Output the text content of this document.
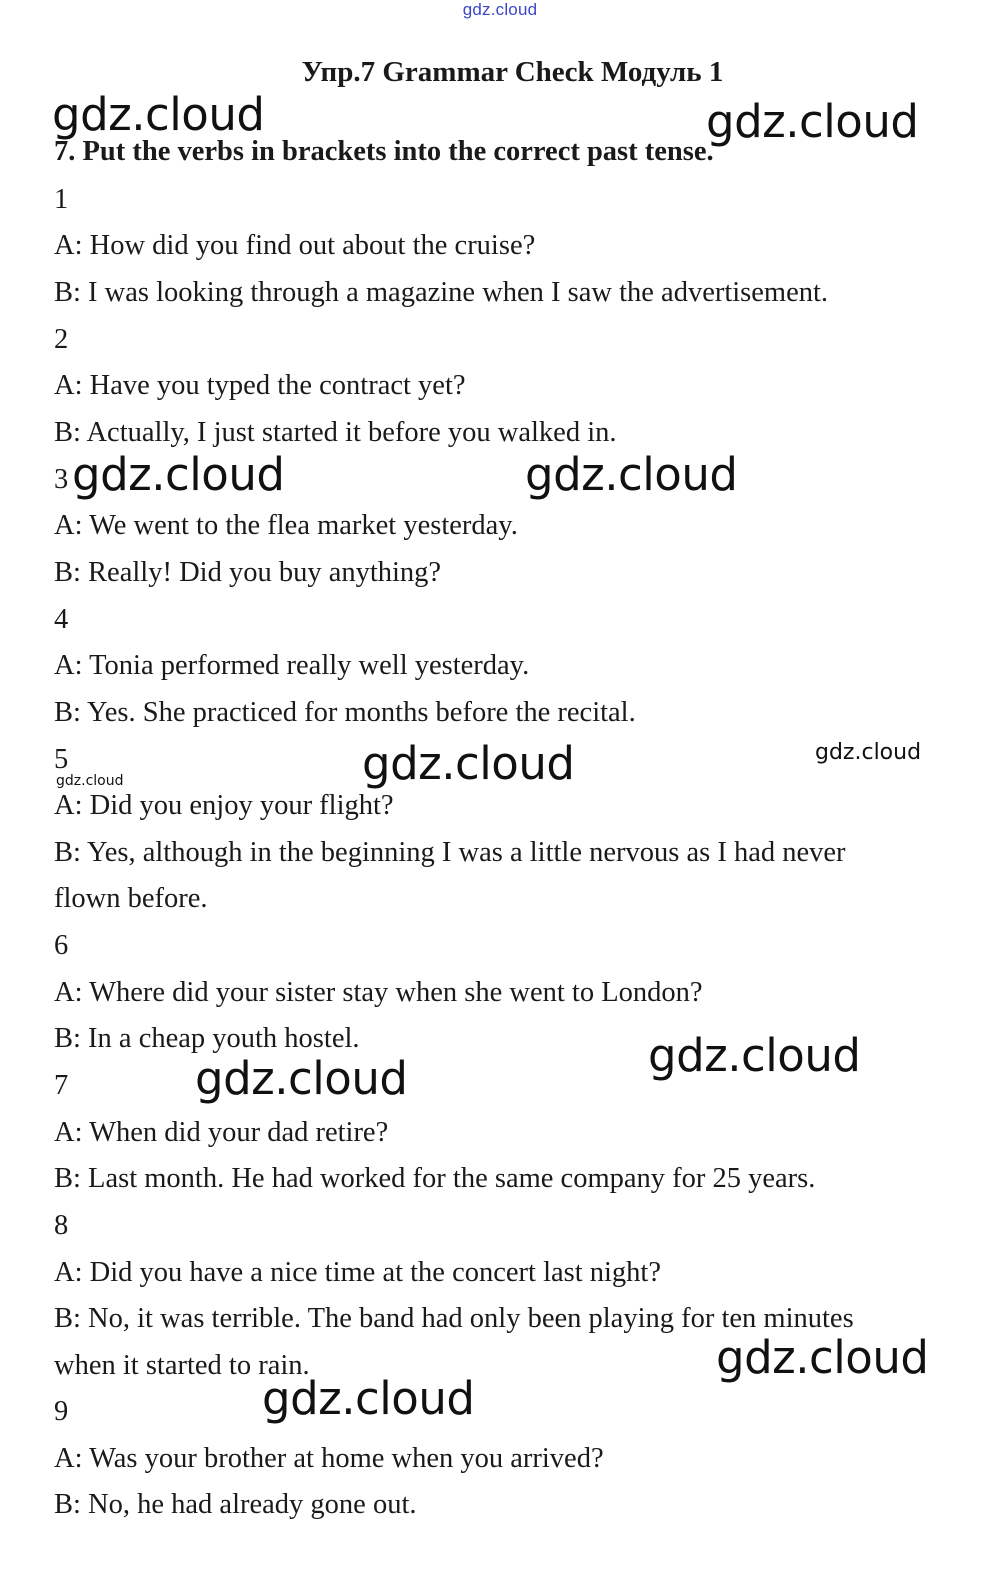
gdz.cloud
Упр.7 Grammar Check Модуль 1
7. Put the verbs in brackets into the correct past tense.
1
A: How did you find out about the cruise?
B: I was looking through a magazine when I saw the advertisement.
2
A: Have you typed the contract yet?
B: Actually, I just started it before you walked in.
3
A: We went to the flea market yesterday.
B: Really! Did you buy anything?
4
A: Tonia performed really well yesterday.
B: Yes. She practiced for months before the recital.
5
A: Did you enjoy your flight?
B: Yes, although in the beginning I was a little nervous as I had never
flown before.
6
A: Where did your sister stay when she went to London?
B: In a cheap youth hostel.
7
A: When did your dad retire?
B: Last month. He had worked for the same company for 25 years.
8
A: Did you have a nice time at the concert last night?
B: No, it was terrible. The band had only been playing for ten minutes
when it started to rain.
9
A: Was your brother at home when you arrived?
B: No, he had already gone out.
gdz.cloud	gdz.cloud
gdz.cloud	gdz.cloud
gdz.cloud	gdz.cloud
gdz.cloud
gdz.cloud
gdz.cloud
gdz.cloud
gdz.cloud
